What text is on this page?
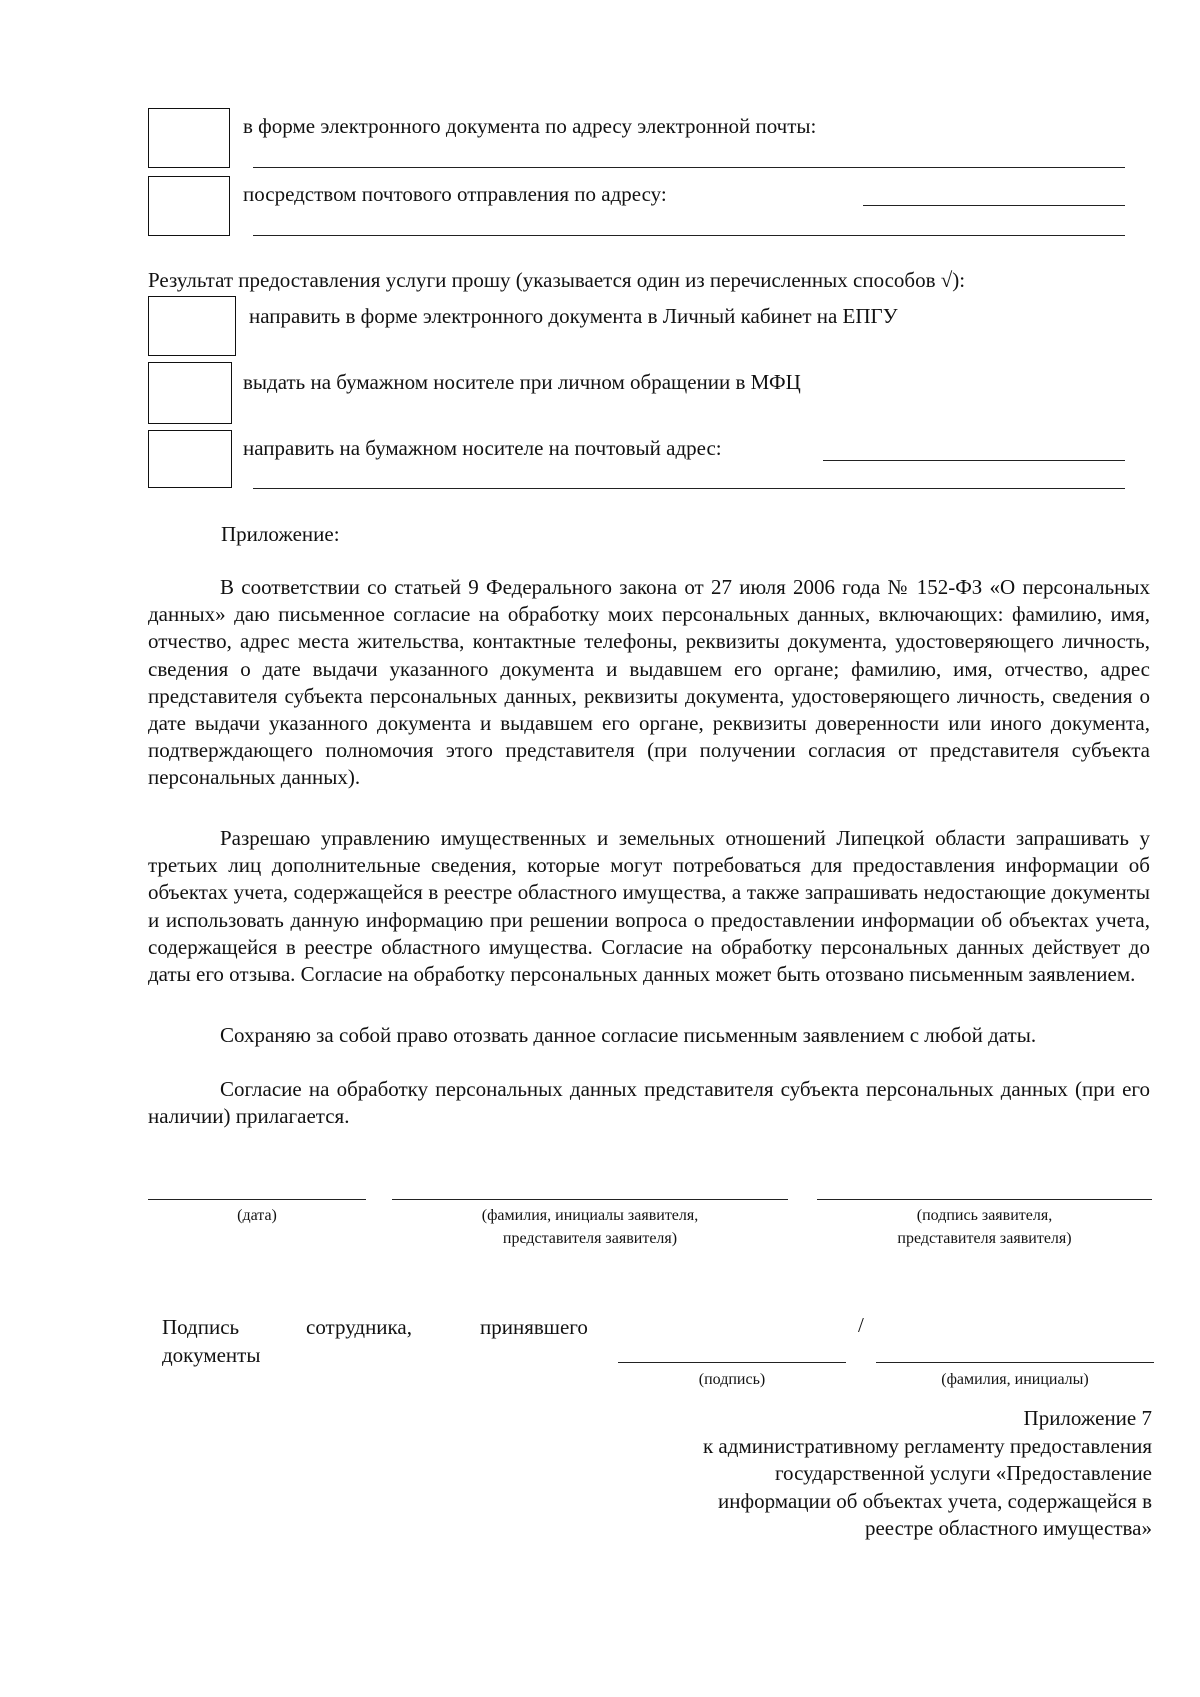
в форме электронного документа по адресу электронной почты:
посредством почтового отправления по адресу:
Результат предоставления услуги прошу (указывается один из перечисленных способов √):
направить в форме электронного документа в Личный кабинет на ЕПГУ
выдать на бумажном носителе при личном обращении в МФЦ
направить на бумажном носителе на почтовый адрес:
Приложение:
В соответствии со статьей 9 Федерального закона от 27 июля 2006 года № 152-ФЗ «О персональных данных» даю письменное согласие на обработку моих персональных данных, включающих: фамилию, имя, отчество, адрес места жительства, контактные телефоны, реквизиты документа, удостоверяющего личность, сведения о дате выдачи указанного документа и выдавшем его органе; фамилию, имя, отчество, адрес представителя субъекта персональных данных, реквизиты документа, удостоверяющего личность, сведения о дате выдачи указанного документа и выдавшем его органе, реквизиты доверенности или иного документа, подтверждающего полномочия этого представителя (при получении согласия от представителя субъекта персональных данных).
Разрешаю управлению имущественных и земельных отношений Липецкой области запрашивать у третьих лиц дополнительные сведения, которые могут потребоваться для предоставления информации об объектах учета, содержащейся в реестре областного имущества, а также запрашивать недостающие документы и использовать данную информацию при решении вопроса о предоставлении информации об объектах учета, содержащейся в реестре областного имущества. Согласие на обработку персональных данных действует до даты его отзыва. Согласие на обработку персональных данных может быть отозвано письменным заявлением.
Сохраняю за собой право отозвать данное согласие письменным заявлением с любой даты.
Согласие на обработку персональных данных представителя субъекта персональных данных (при его наличии) прилагается.
(дата)	(фамилия, инициалы заявителя,
представителя заявителя)
(подпись заявителя,
представителя заявителя)
Подпись	сотрудника,	принявшего
документы
/
(подпись)	(фамилия, инициалы)
Приложение 7
к административному регламенту предоставления
государственной услуги «Предоставление
информации об объектах учета, содержащейся в
реестре областного имущества»
